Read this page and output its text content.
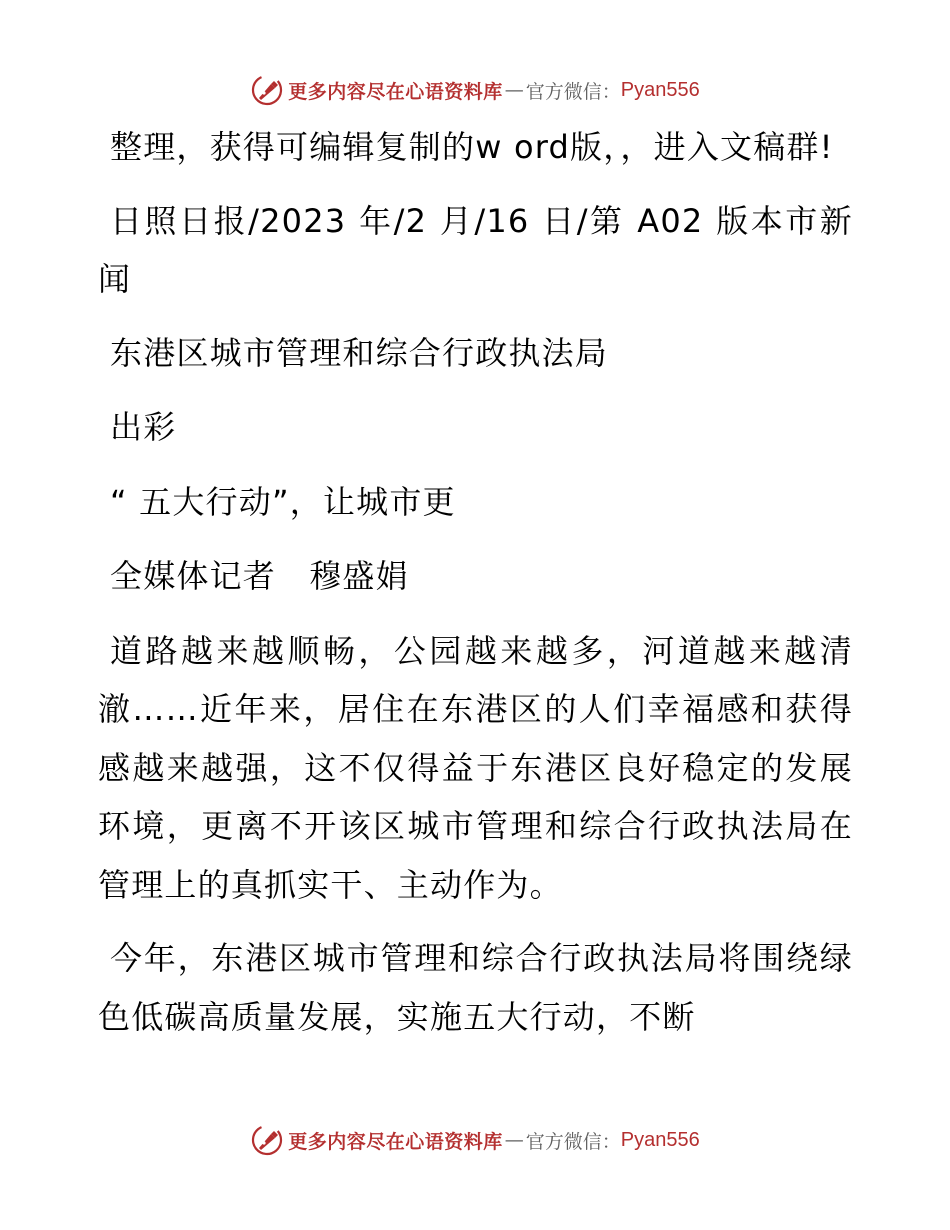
更多内容尽在心语资料库 — 官方微信： Pyan556

整理，获得可编辑复制的w ord版，，进入文稿群!

日照日报/2023 年/2 月/16 日/第 A02 版本市新闻

东港区城市管理和综合行政执法局

出彩

“ 五大行动”，让城市更

全媒体记者　穆盛娟

道路越来越顺畅，公园越来越多，河道越来越清澈……近年来，居住在东港区的人们幸福感和获得感越来越强，这不仅得益于东港区良好稳定的发展环境，更离不开该区城市管理和综合行政执法局在管理上的真抓实干、主动作为。

今年，东港区城市管理和综合行政执法局将围绕绿色低碳高质量发展，实施五大行动，不断

更多内容尽在心语资料库 — 官方微信： Pyan556
